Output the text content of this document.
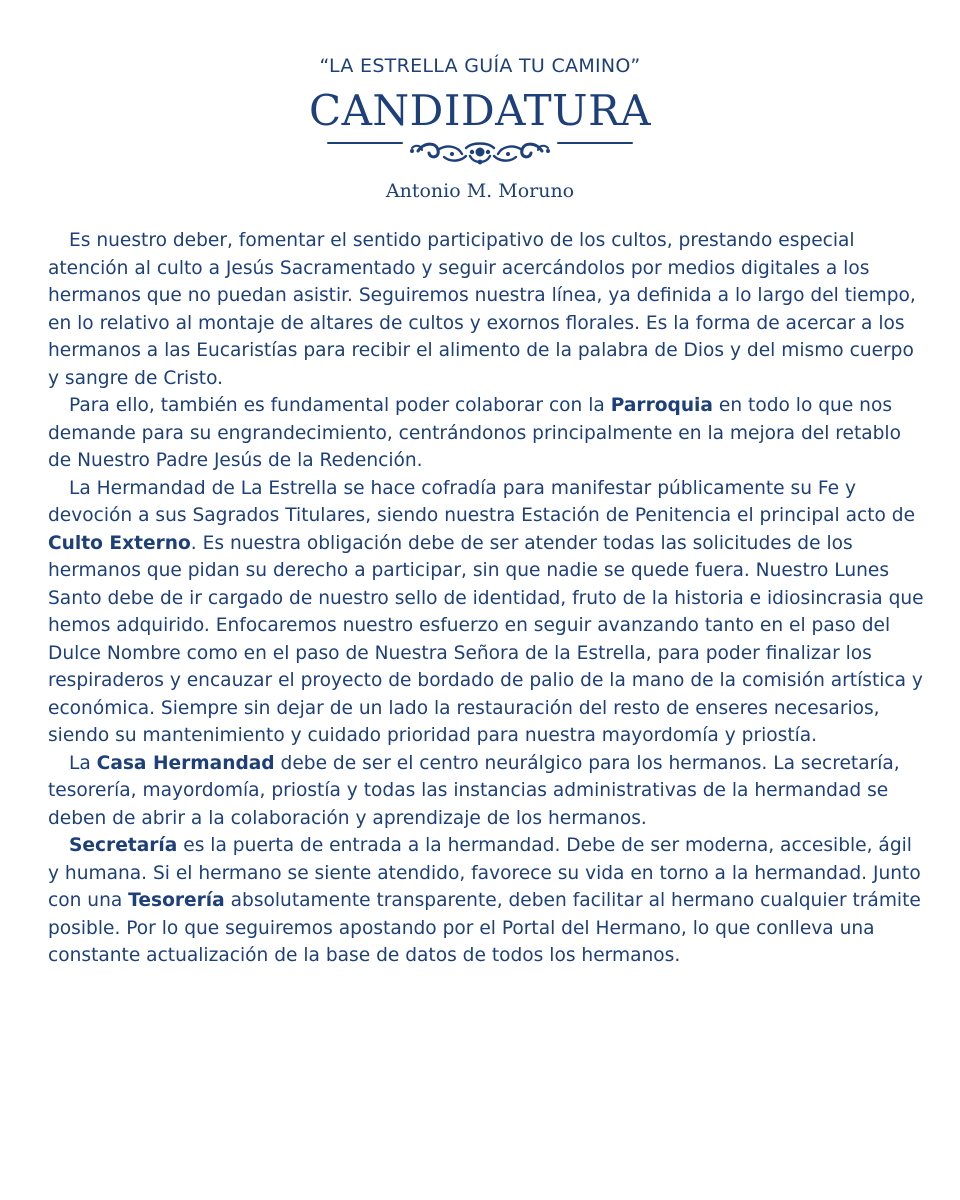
“LA ESTRELLA GUÍA TU CAMINO”
CANDIDATURA
Antonio M. Moruno

Es nuestro deber, fomentar el sentido participativo de los cultos, prestando especial atención al culto a Jesús Sacramentado y seguir acercándolos por medios digitales a los hermanos que no puedan asistir. Seguiremos nuestra línea, ya definida a lo largo del tiempo, en lo relativo al montaje de altares de cultos y exornos florales. Es la forma de acercar a los hermanos a las Eucaristías para recibir el alimento de la palabra de Dios y del mismo cuerpo y sangre de Cristo.

Para ello, también es fundamental poder colaborar con la Parroquia en todo lo que nos demande para su engrandecimiento, centrándonos principalmente en la mejora del retablo de Nuestro Padre Jesús de la Redención.

La Hermandad de La Estrella se hace cofradía para manifestar públicamente su Fe y devoción a sus Sagrados Titulares, siendo nuestra Estación de Penitencia el principal acto de Culto Externo. Es nuestra obligación debe de ser atender todas las solicitudes de los hermanos que pidan su derecho a participar, sin que nadie se quede fuera. Nuestro Lunes Santo debe de ir cargado de nuestro sello de identidad, fruto de la historia e idiosincrasia que hemos adquirido. Enfocaremos nuestro esfuerzo en seguir avanzando tanto en el paso del Dulce Nombre como en el paso de Nuestra Señora de la Estrella, para poder finalizar los respiraderos y encauzar el proyecto de bordado de palio de la mano de la comisión artística y económica. Siempre sin dejar de un lado la restauración del resto de enseres necesarios, siendo su mantenimiento y cuidado prioridad para nuestra mayordomía y priostía.

La Casa Hermandad debe de ser el centro neurálgico para los hermanos. La secretaría, tesorería, mayordomía, priostía y todas las instancias administrativas de la hermandad se deben de abrir a la colaboración y aprendizaje de los hermanos.

Secretaría es la puerta de entrada a la hermandad. Debe de ser moderna, accesible, ágil y humana. Si el hermano se siente atendido, favorece su vida en torno a la hermandad. Junto con una Tesorería absolutamente transparente, deben facilitar al hermano cualquier trámite posible. Por lo que seguiremos apostando por el Portal del Hermano, lo que conlleva una constante actualización de la base de datos de todos los hermanos.
